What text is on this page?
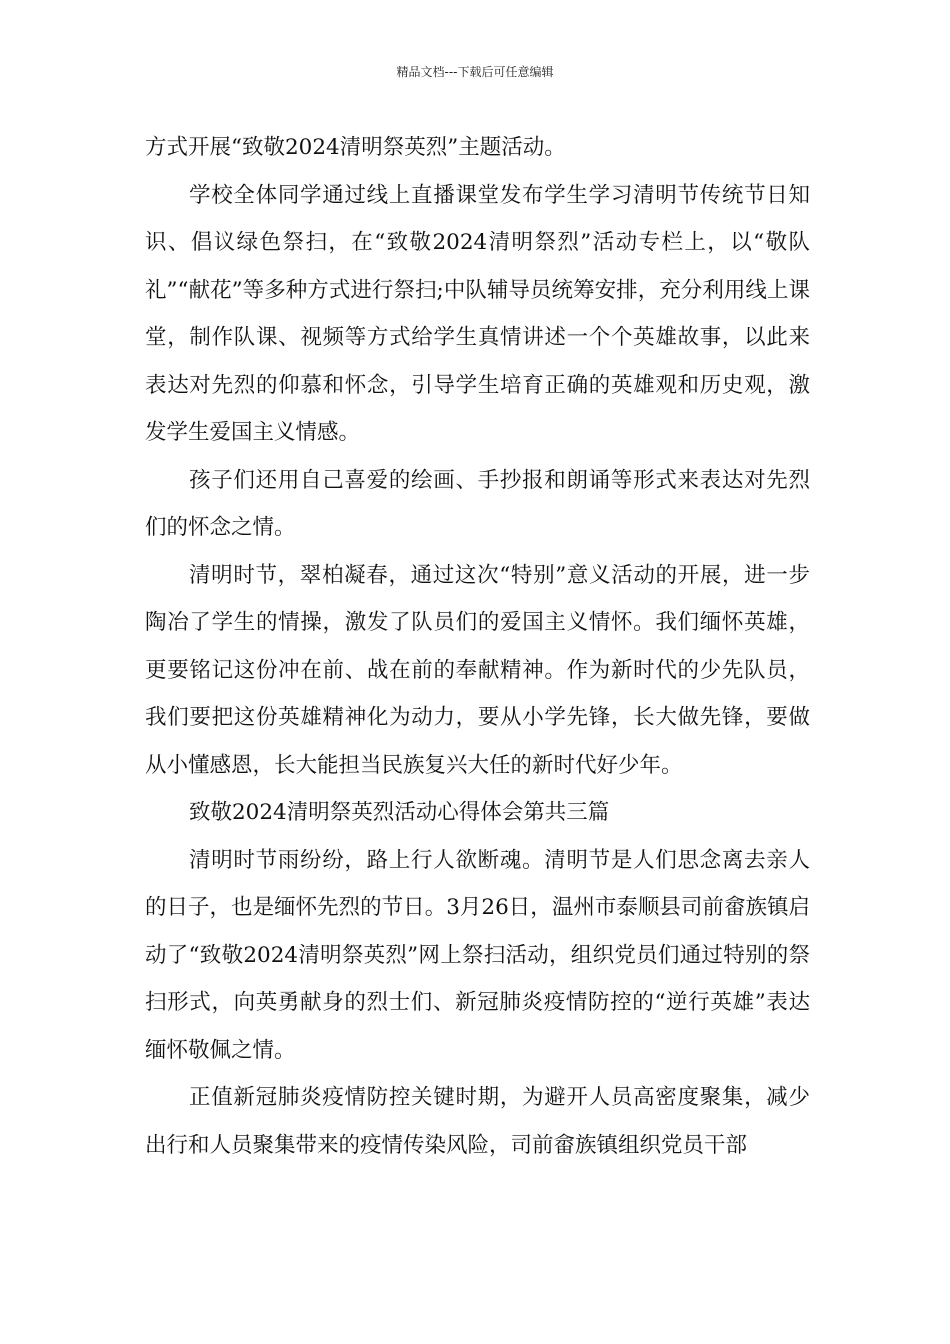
精品文档---下载后可任意编辑

方式开展“致敬2024清明祭英烈”主题活动。

学校全体同学通过线上直播课堂发布学生学习清明节传统节日知识、倡议绿色祭扫，在“致敬2024清明祭烈”活动专栏上，以“敬队礼”“献花”等多种方式进行祭扫;中队辅导员统筹安排，充分利用线上课堂，制作队课、视频等方式给学生真情讲述一个个英雄故事，以此来表达对先烈的仰慕和怀念，引导学生培育正确的英雄观和历史观，激发学生爱国主义情感。

孩子们还用自己喜爱的绘画、手抄报和朗诵等形式来表达对先烈们的怀念之情。

清明时节，翠柏凝春，通过这次“特别”意义活动的开展，进一步陶冶了学生的情操，激发了队员们的爱国主义情怀。我们缅怀英雄，更要铭记这份冲在前、战在前的奉献精神。作为新时代的少先队员，我们要把这份英雄精神化为动力，要从小学先锋，长大做先锋，要做从小懂感恩，长大能担当民族复兴大任的新时代好少年。

致敬2024清明祭英烈活动心得体会第共三篇

清明时节雨纷纷，路上行人欲断魂。清明节是人们思念离去亲人的日子，也是缅怀先烈的节日。3月26日，温州市泰顺县司前畲族镇启动了“致敬2024清明祭英烈”网上祭扫活动，组织党员们通过特别的祭扫形式，向英勇献身的烈士们、新冠肺炎疫情防控的“逆行英雄”表达缅怀敬佩之情。

正值新冠肺炎疫情防控关键时期，为避开人员高密度聚集，减少出行和人员聚集带来的疫情传染风险，司前畲族镇组织党员干部
